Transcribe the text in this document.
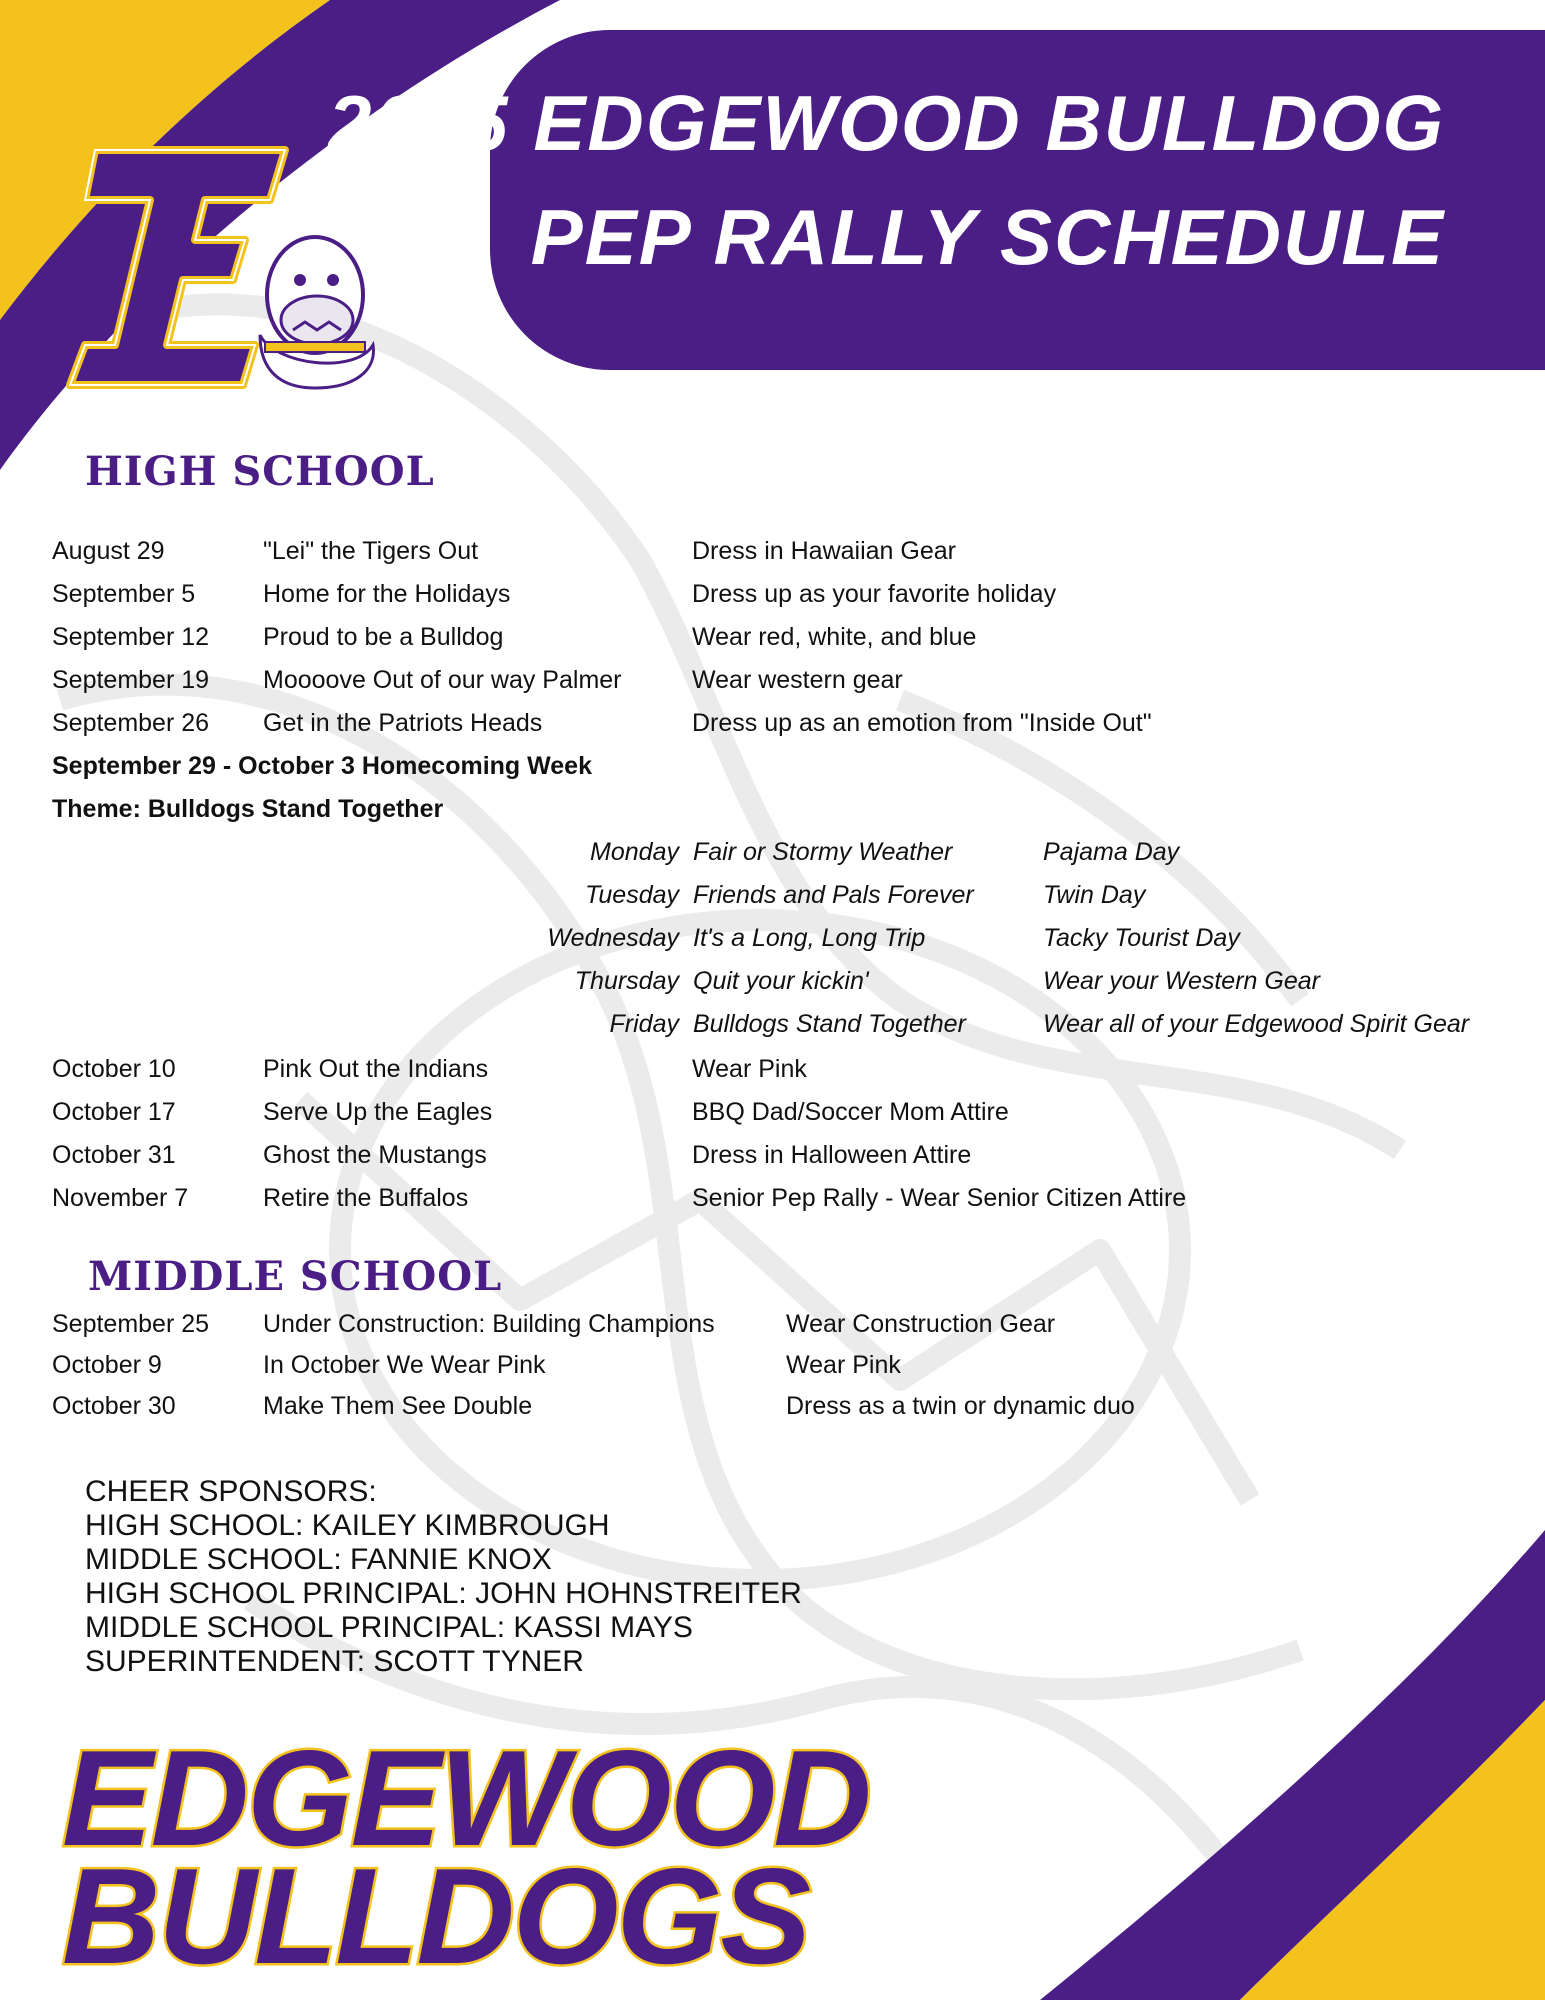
2025 EDGEWOOD BULLDOG
PEP RALLY SCHEDULE
HIGH SCHOOL
August 29	"Lei" the Tigers Out	Dress in Hawaiian Gear
September 5	Home for the Holidays	Dress up as your favorite holiday
September 12 Proud to be a Bulldog	Wear red, white, and blue
September 19 Moooove Out of our way Palmer	Wear western gear
September 26 Get in the Patriots Heads	Dress up as an emotion from "Inside Out"
September 29 - October 3 Homecoming Week
Theme: Bulldogs Stand Together
Monday Fair or Stormy Weather	Pajama Day
Tuesday Friends and Pals Forever	Twin Day
Wednesday It's a Long, Long Trip	Tacky Tourist Day
Thursday Quit your kickin'	Wear your Western Gear
Friday Bulldogs Stand Together	Wear all of your Edgewood Spirit Gear
October 10	Pink Out the Indians	Wear Pink
October 17	Serve Up the Eagles	BBQ Dad/Soccer Mom Attire
October 31	Ghost the Mustangs	Dress in Halloween Attire
November 7	Retire the Buffalos	Senior Pep Rally - Wear Senior Citizen Attire
MIDDLE SCHOOL
September 25 Under Construction: Building Champions	Wear Construction Gear
October 9	In October We Wear Pink	Wear Pink
October 30	Make Them See Double	Dress as a twin or dynamic duo
CHEER SPONSORS:
HIGH SCHOOL: KAILEY KIMBROUGH
MIDDLE SCHOOL: FANNIE KNOX
HIGH SCHOOL PRINCIPAL: JOHN HOHNSTREITER
MIDDLE SCHOOL PRINCIPAL: KASSI MAYS
SUPERINTENDENT: SCOTT TYNER
EDGEWOOD
BULLDOGS
